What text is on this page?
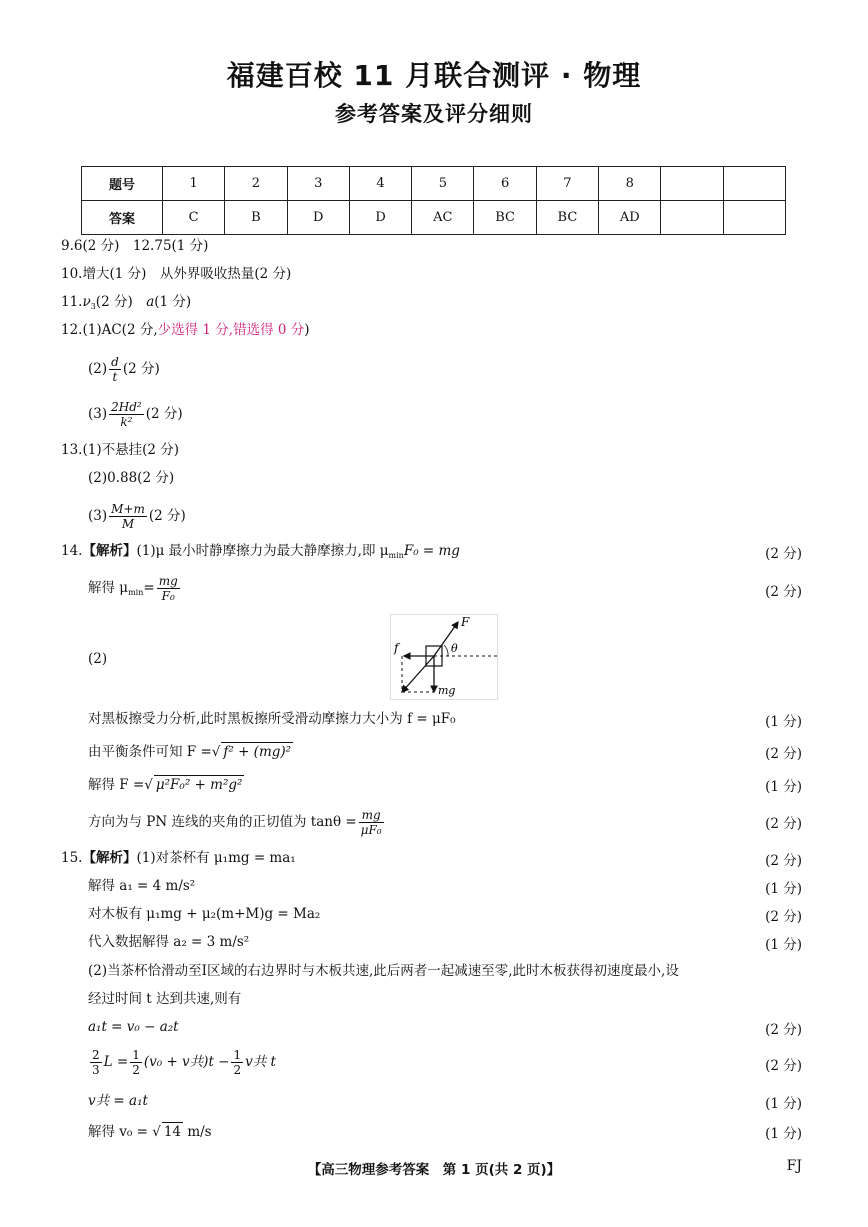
福建百校 11 月联合测评 · 物理
参考答案及评分细则
题号	1	2	3	4	5	6	7	8		
答案	C	B	D	D	AC	BC	BC	AD		
9.6(2 分)　12.75(1 分)
10.增大(1 分)　从外界吸收热量(2 分)
$11.\nu_3(2$ 分)　a(1 分)
12.(1)AC(2 分,少选得 1 分,错选得 0 分)
$(2) \frac{d}{t} (2$ 分)
$(3) \frac{\text{2Hd²}}{\text{k²}} (2$ 分)
13.(1)不悬挂(2 分)
(2)0.88(2 分)
$(3) \frac{M+m}{M} (2$ 分)
14.【解析】(1)μ 最小时静摩擦力为最大静摩擦力,即 $\mu_{min}F_0$ = mg	(2 分)
解得 $\mu_{min}= \frac{mg}{\text{F₀}}$	(2 分)
(2)
F
f	θ
mg
对黑板擦受力分析,此时黑板擦所受滑动摩擦力大小为 f = μF₀	(1 分)
由平衡条件可知 F =√ f² + (mg)²	(2 分)
解得 F =√ μ²F₀² + m²g²	(1 分)
方向为与 PN 连线的夹角的正切值为 $\tan\theta = \frac{mg}{\text{μF₀}}$	(2 分)
15.【解析】(1)对茶杯有 μ₁mg = ma₁	(2 分)
解得 a₁ = 4 m/s²	(1 分)
对木板有 μ₁mg + μ₂(m+M)g = Ma₂	(2 分)
代入数据解得 a₂ = 3 m/s²	(1 分)
(2)当茶杯恰滑动至Ⅰ区域的右边界时与木板共速,此后两者一起减速至零,此时木板获得初速度最小,设
经过时间 t 达到共速,则有
a₁t = v₀ − a₂t	(2 分)
$\frac{2}{3}$ $L = \frac{1}{2} (v_0 + v$共)$t - \frac{1}{2}$ v共 t	(2 分)
v共 = a₁t	(1 分)
解得 v₀ = √ 14 m/s	(1 分)
【高三物理参考答案　第 1 页(共 2 页)】	FJ
